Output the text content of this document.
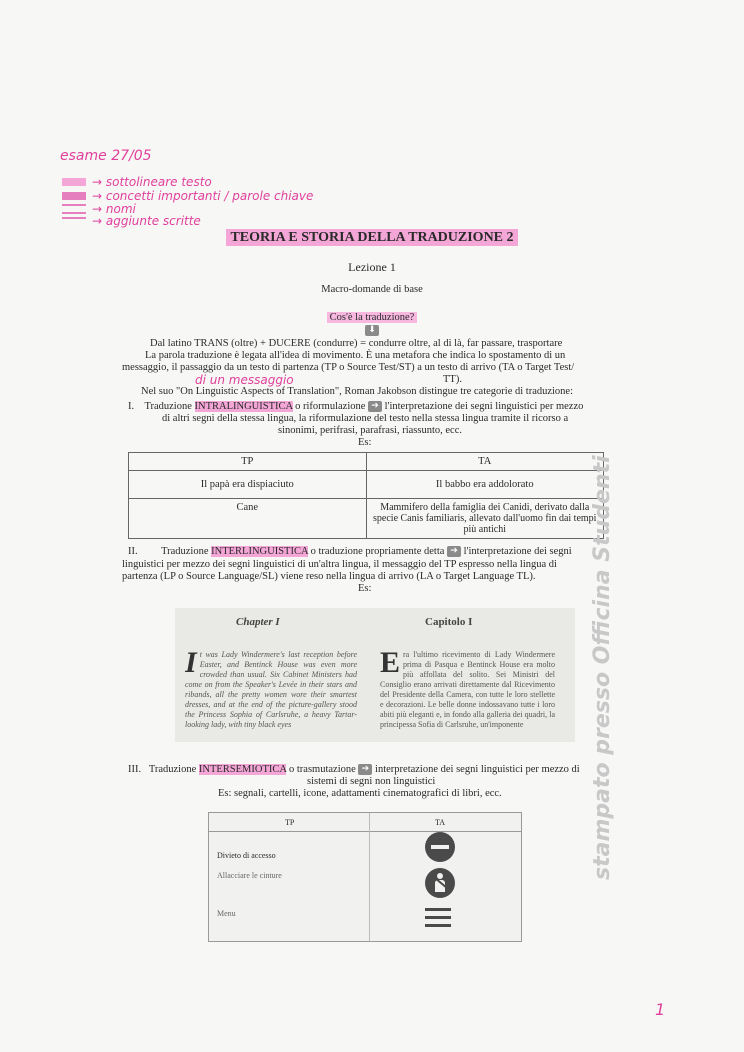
esame 27/05
→ sottolineare testo
→ concetti importanti / parole chiave
→ nomi
→ aggiunte scritte
TEORIA E STORIA DELLA TRADUZIONE 2
Lezione 1
Macro-domande di base
Cos'è la traduzione?
⬇
Dal latino TRANS (oltre) + DUCERE (condurre) = condurre oltre, al di là, far passare, trasportare
La parola traduzione è legata all'idea di movimento. È una metafora che indica lo spostamento di un
messaggio, il passaggio da un testo di partenza (TP o Source Test/ST) a un testo di arrivo (TA o Target Test/
di un messaggio	TT).
Nel suo "On Linguistic Aspects of Translation", Roman Jakobson distingue tre categorie di traduzione:
I. Traduzione INTRALINGUISTICA o riformulazione ➔ l'interpretazione dei segni linguistici per mezzo
di altri segni della stessa lingua, la riformulazione del testo nella stessa lingua tramite il ricorso a
sinonimi, perifrasi, parafrasi, riassunto, ecc.
Es:
TP	TA
Il papà era dispiaciuto	Il babbo era addolorato
Cane	Mammifero della famiglia dei Canidi, derivato dalla specie Canis familiaris, allevato dall'uomo fin dai tempi più antichi
II. Traduzione INTERLINGUISTICA o traduzione propriamente detta ➔ l'interpretazione dei segni
linguistici per mezzo dei segni linguistici di un'altra lingua, il messaggio del TP espresso nella lingua di
partenza (LP o Source Language/SL) viene reso nella lingua di arrivo (LA o Target Language TL).
Es:
Chapter I	Capitolo I
It was Lady Windermere's last reception before Easter, and Bentinck House was even more crowded than usual. Six Cabinet Ministers had come on from the Speaker's Levée in their stars and ribands, all the pretty women wore their smartest dresses, and at the end of the picture-gallery stood the Princess Sophia of Carlsruhe, a heavy Tartar-looking lady, with tiny black eyes
Era l'ultimo ricevimento di Lady Windermere prima di Pasqua e Bentinck House era molto più affollata del solito. Sei Ministri del Consiglio erano arrivati direttamente dal Ricevimento del Presidente della Camera, con tutte le loro stellette e decorazioni. Le belle donne indossavano tutte i loro abiti più eleganti e, in fondo alla galleria dei quadri, la principessa Sofia di Carlsruhe, un'imponente
III. Traduzione INTERSEMIOTICA o trasmutazione ➔ interpretazione dei segni linguistici per mezzo di
sistemi di segni non linguistici
Es: segnali, cartelli, icone, adattamenti cinematografici di libri, ecc.
TP	TA
Divieto di accesso
Allacciare le cinture
Menu
stampato presso Officina Studenti
1
